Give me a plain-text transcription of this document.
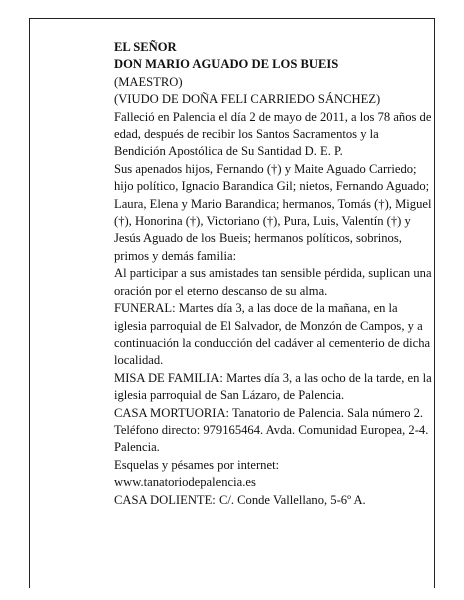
EL SEÑOR

DON MARIO AGUADO DE LOS BUEIS

(MAESTRO)

(VIUDO DE DOÑA FELI CARRIEDO SÁNCHEZ)

Falleció en Palencia el día 2 de mayo de 2011, a los 78 años de edad, después de recibir los Santos Sacramentos y la Bendición Apostólica de Su Santidad D. E. P.

Sus apenados hijos, Fernando (†) y Maite Aguado Carriedo; hijo político, Ignacio Barandica Gil; nietos, Fernando Aguado; Laura, Elena y Mario Barandica; hermanos, Tomás (†), Miguel (†), Honorina (†), Victoriano (†), Pura, Luis, Valentín (†) y Jesús Aguado de los Bueis; hermanos políticos, sobrinos, primos y demás familia:

Al participar a sus amistades tan sensible pérdida, suplican una oración por el eterno descanso de su alma.

FUNERAL: Martes día 3, a las doce de la mañana, en la iglesia parroquial de El Salvador, de Monzón de Campos, y a continuación la conducción del cadáver al cementerio de dicha localidad.

MISA DE FAMILIA: Martes día 3, a las ocho de la tarde, en la iglesia parroquial de San Lázaro, de Palencia.

CASA MORTUORIA: Tanatorio de Palencia. Sala número 2. Teléfono directo: 979165464. Avda. Comunidad Europea, 2-4. Palencia.

Esquelas y pésames por internet:

www.tanatoriodepalencia.es

CASA DOLIENTE: C/. Conde Vallellano, 5-6º A.
